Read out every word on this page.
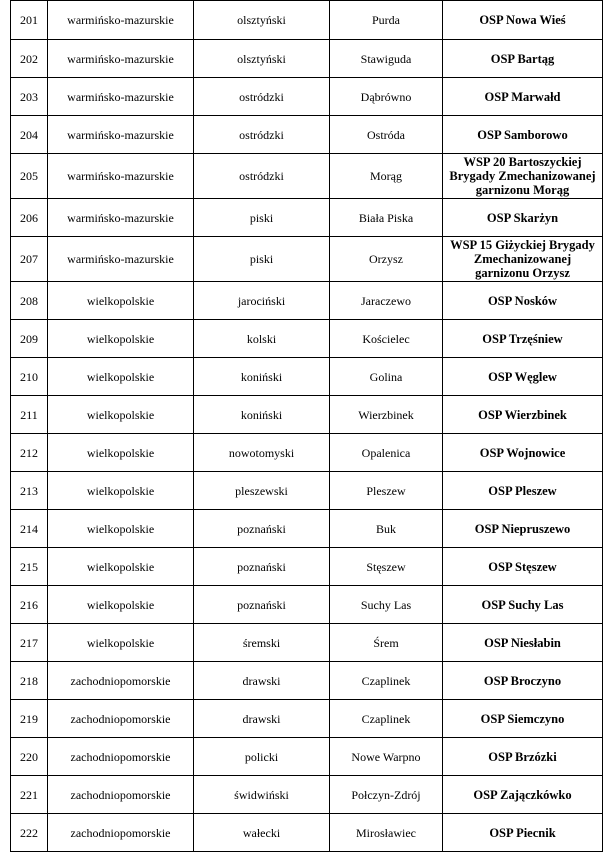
201	warmińsko-mazurskie	olsztyński	Purda	OSP Nowa Wieś
202	warmińsko-mazurskie	olsztyński	Stawiguda	OSP Bartąg
203	warmińsko-mazurskie	ostródzki	Dąbrówno	OSP Marwałd
204	warmińsko-mazurskie	ostródzki	Ostróda	OSP Samborowo
205	warmińsko-mazurskie	ostródzki	Morąg	WSP 20 Bartoszyckiej Brygady Zmechanizowanej garnizonu Morąg
206	warmińsko-mazurskie	piski	Biała Piska	OSP Skarżyn
207	warmińsko-mazurskie	piski	Orzysz	WSP 15 Giżyckiej Brygady Zmechanizowanej garnizonu Orzysz
208	wielkopolskie	jarociński	Jaraczewo	OSP Nosków
209	wielkopolskie	kolski	Kościelec	OSP Trzęśniew
210	wielkopolskie	koniński	Golina	OSP Węglew
211	wielkopolskie	koniński	Wierzbinek	OSP Wierzbinek
212	wielkopolskie	nowotomyski	Opalenica	OSP Wojnowice
213	wielkopolskie	pleszewski	Pleszew	OSP Pleszew
214	wielkopolskie	poznański	Buk	OSP Niepruszewo
215	wielkopolskie	poznański	Stęszew	OSP Stęszew
216	wielkopolskie	poznański	Suchy Las	OSP Suchy Las
217	wielkopolskie	śremski	Śrem	OSP Niesłabin
218	zachodniopomorskie	drawski	Czaplinek	OSP Broczyno
219	zachodniopomorskie	drawski	Czaplinek	OSP Siemczyno
220	zachodniopomorskie	policki	Nowe Warpno	OSP Brzózki
221	zachodniopomorskie	świdwiński	Połczyn-Zdrój	OSP Zajączkówko
222	zachodniopomorskie	wałecki	Mirosławiec	OSP Piecnik
